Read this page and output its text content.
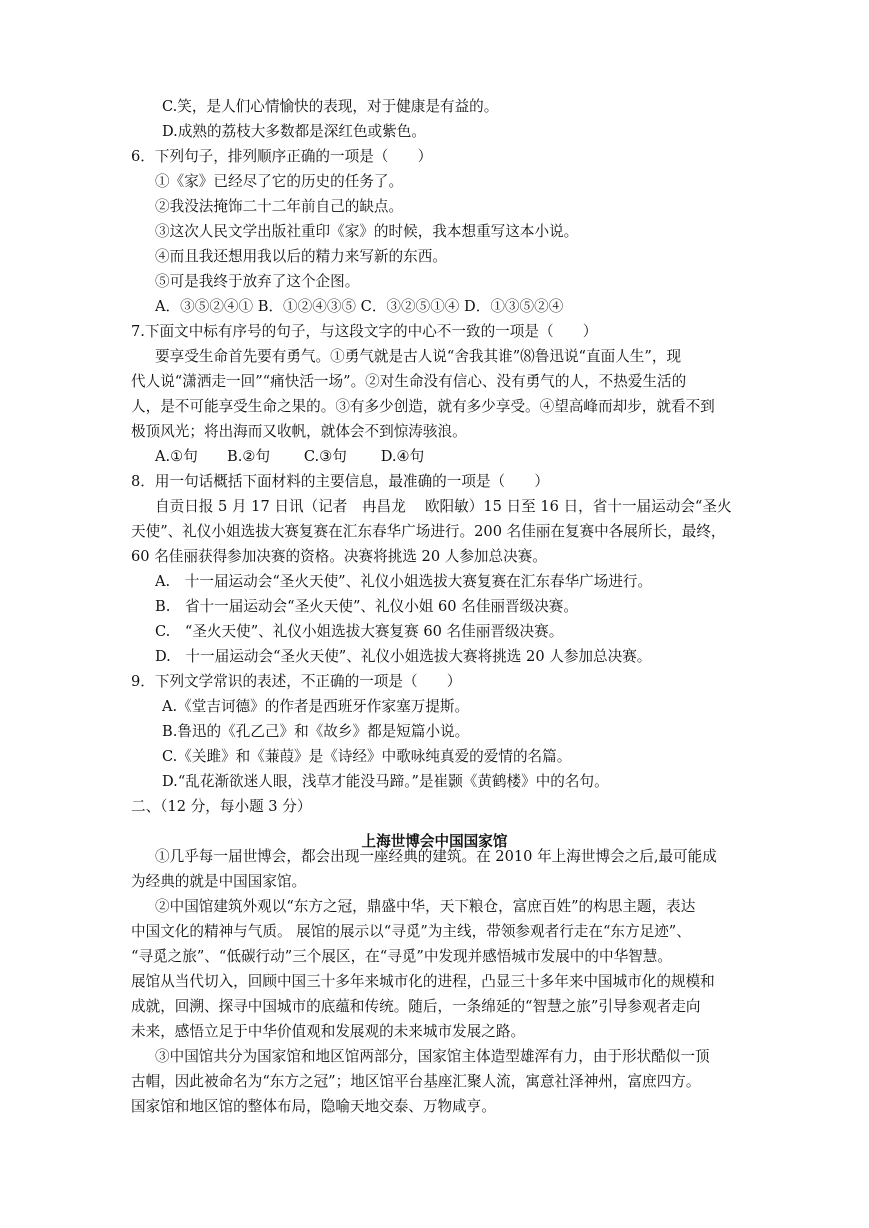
上海世博会中国国家馆
C.笑，是人们心情愉快的表现，对于健康是有益的。
D.成熟的荔枝大多数都是深红色或紫色。
6．下列句子，排列顺序正确的一项是（　　）
①《家》已经尽了它的历史的任务了。
②我没法掩饰二十二年前自己的缺点。
③这次人民文学出版社重印《家》的时候，我本想重写这本小说。
④而且我还想用我以后的精力来写新的东西。
⑤可是我终于放弃了这个企图。
A．③⑤②④① B．①②④③⑤ C．③②⑤①④ D．①③⑤②④
7.下面文中标有序号的句子，与这段文字的中心不一致的一项是（　　）
要享受生命首先要有勇气。①勇气就是古人说“舍我其谁”⑻鲁迅说“直面人生”，现
代人说“潇洒走一回”“痛快活一场”。②对生命没有信心、没有勇气的人，不热爱生活的
人，是不可能享受生命之果的。③有多少创造，就有多少享受。④望高峰而却步，就看不到
极顶风光；将出海而又收帆，就体会不到惊涛骇浪。
A.①句　　B.②句　　 C.③句　　 D.④句
8．用一句话概括下面材料的主要信息，最准确的一项是（　　）
自贡日报 5 月 17 日讯（记者　冉昌龙　 欧阳敏）15 日至 16 日，省十一届运动会“圣火
天使”、礼仪小姐选拔大赛复赛在汇东春华广场进行。200 名佳丽在复赛中各展所长，最终，
60 名佳丽获得参加决赛的资格。决赛将挑选 20 人参加总决赛。
A.　十一届运动会“圣火天使”、礼仪小姐选拔大赛复赛在汇东春华广场进行。
B.　省十一届运动会“圣火天使”、礼仪小姐 60 名佳丽晋级决赛。
C.　“圣火天使”、礼仪小姐选拔大赛复赛 60 名佳丽晋级决赛。
D.　十一届运动会“圣火天使”、礼仪小姐选拔大赛将挑选 20 人参加总决赛。
9．下列文学常识的表述，不正确的一项是（　　）
A.《堂吉诃德》的作者是西班牙作家塞万提斯。
B.鲁迅的《孔乙己》和《故乡》都是短篇小说。
C.《关雎》和《蒹葭》是《诗经》中歌咏纯真爱的爱情的名篇。
D.“乱花渐欲迷人眼，浅草才能没马蹄。”是崔颢《黄鹤楼》中的名句。
二、（12 分，每小题 3 分）
①几乎每一届世博会，都会出现一座经典的建筑。在 2010 年上海世博会之后,最可能成
为经典的就是中国国家馆。
②中国馆建筑外观以“东方之冠，鼎盛中华，天下粮仓，富庶百姓”的构思主题，表达
中国文化的精神与气质。 展馆的展示以“寻觅”为主线，带领参观者行走在“东方足迹”、
“寻觅之旅”、“低碳行动”三个展区，在“寻觅”中发现并感悟城市发展中的中华智慧。
展馆从当代切入，回顾中国三十多年来城市化的进程，凸显三十多年来中国城市化的规模和
成就，回溯、探寻中国城市的底蕴和传统。随后，一条绵延的“智慧之旅”引导参观者走向
未来，感悟立足于中华价值观和发展观的未来城市发展之路。
③中国馆共分为国家馆和地区馆两部分，国家馆主体造型雄浑有力，由于形状酷似一顶
古帽，因此被命名为“东方之冠”；地区馆平台基座汇聚人流，寓意社泽神州，富庶四方。
国家馆和地区馆的整体布局，隐喻天地交泰、万物咸亨。
